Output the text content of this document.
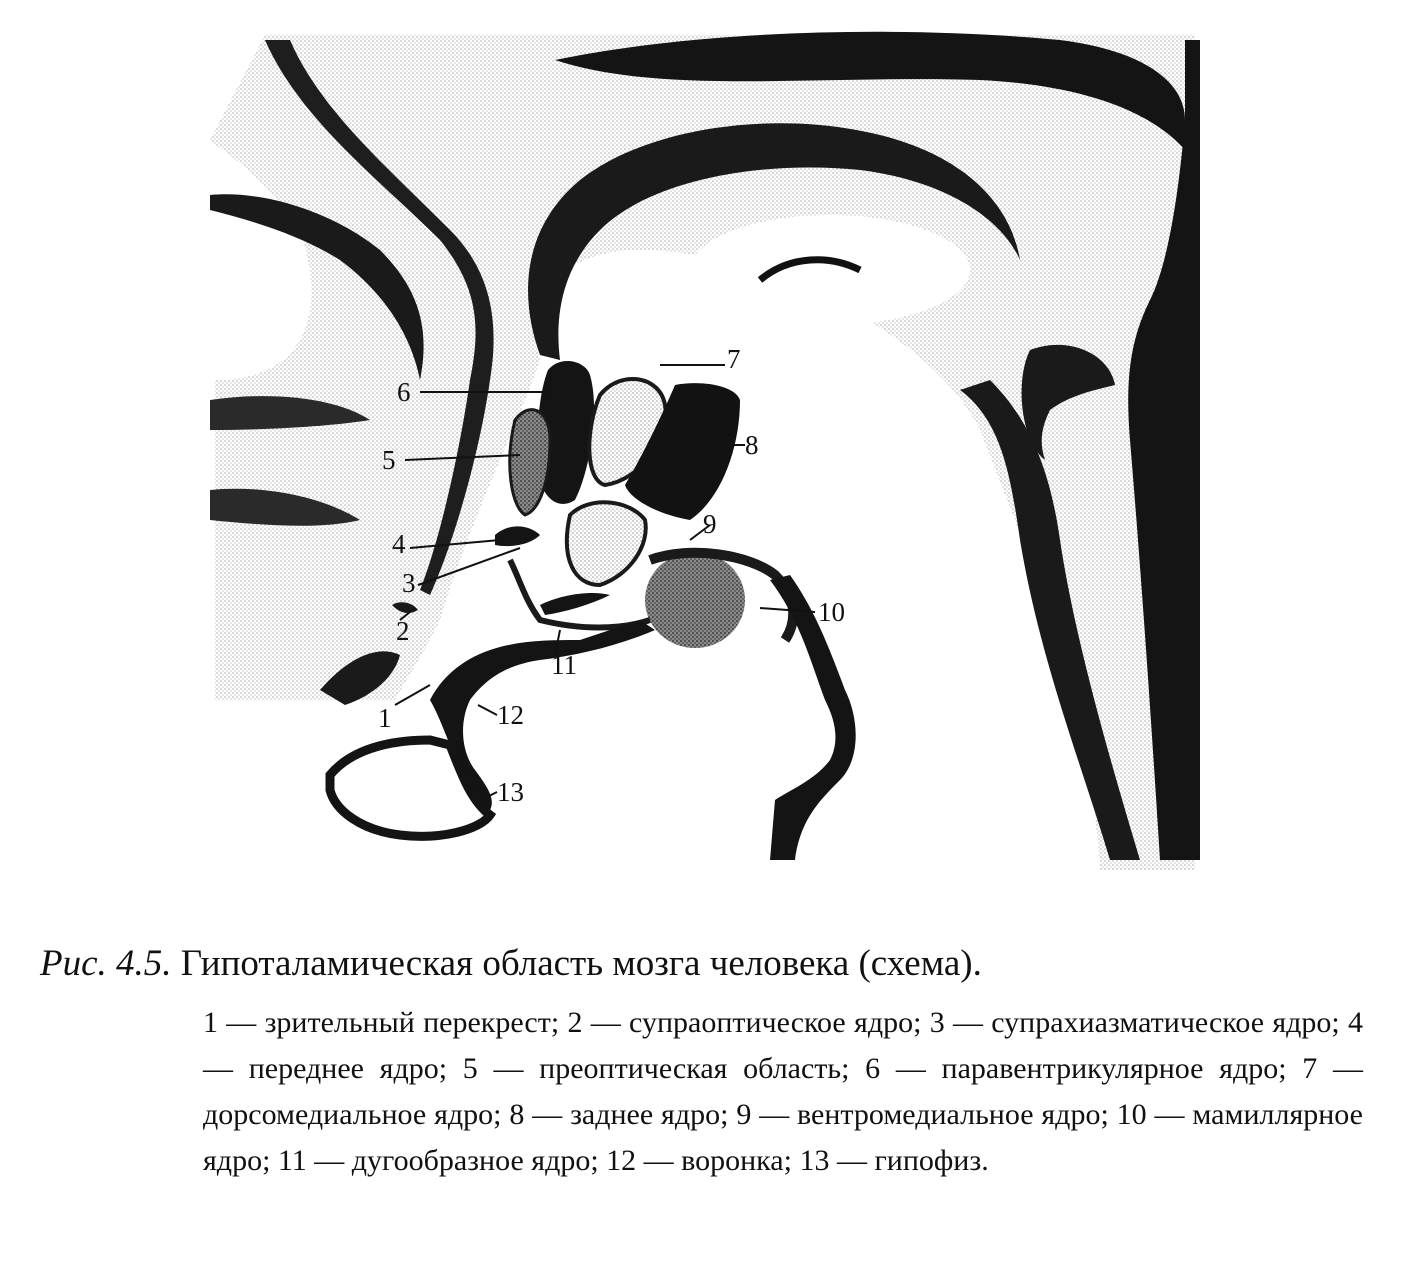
1
2
3
4
5
6
7
8
9
10
11
12
13

Рис. 4.5. Гипоталамическая область мозга человека (схема).

1 — зрительный перекрест; 2 — супраоптическое ядро; 3 — супрахиазматическое ядро; 4 — переднее ядро; 5 — преоптическая область; 6 — паравентрикулярное ядро; 7 — дорсомедиальное ядро; 8 — заднее ядро; 9 — вентромедиальное ядро; 10 — мамиллярное ядро; 11 — дугообразное ядро; 12 — воронка; 13 — гипофиз.
